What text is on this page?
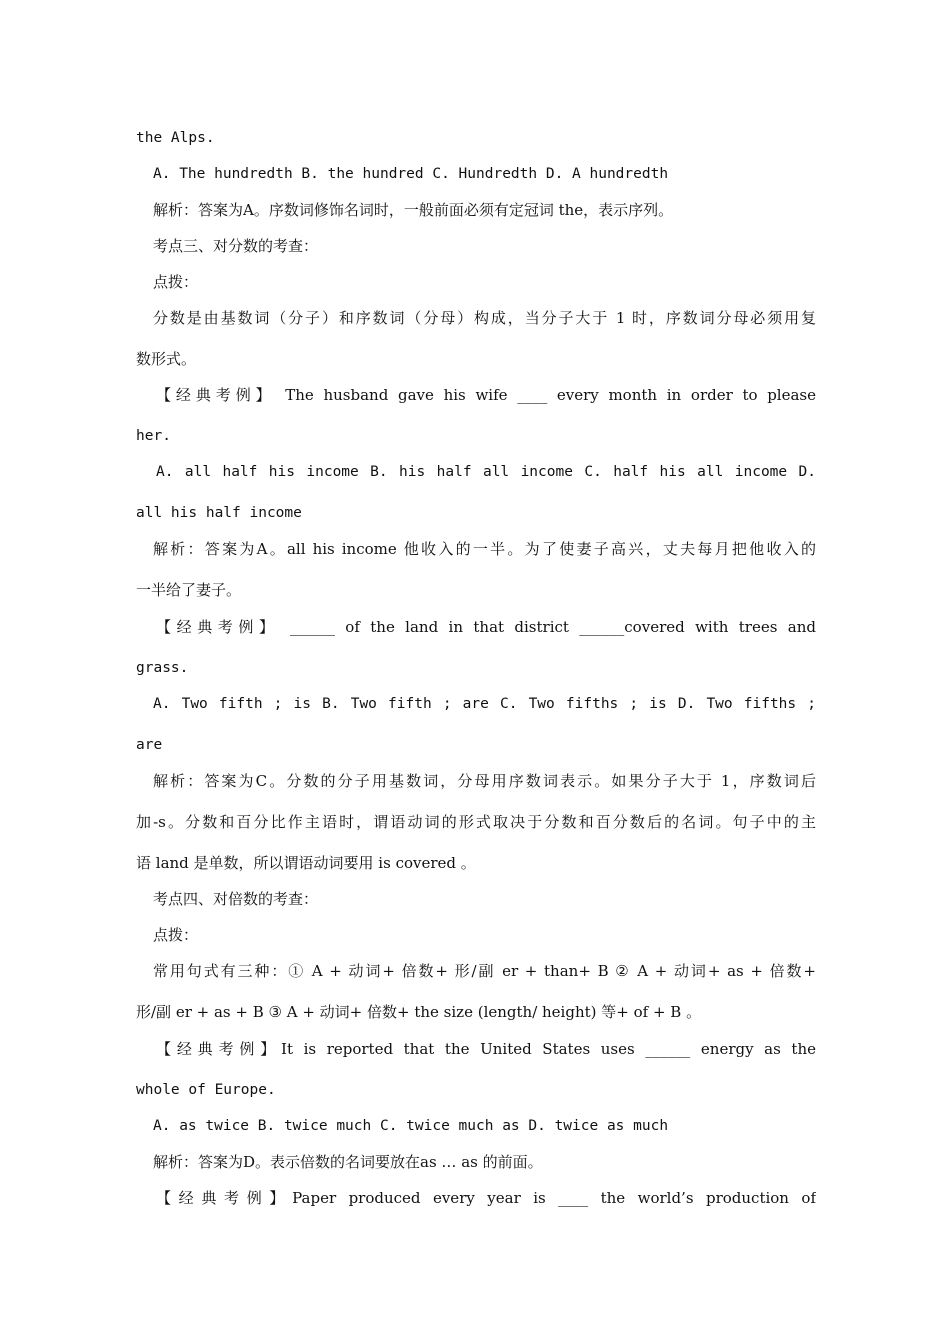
the Alps.
A. The hundredth B. the hundred C. Hundredth D. A hundredth
解析：答案为A。序数词修饰名词时，一般前面必须有定冠词 the，表示序列。
考点三、对分数的考查：
点拨：
分数是由基数词（分子）和序数词（分母）构成，当分子大于 1 时，序数词分母必须用复
数形式。
【经典考例】 The husband gave his wife ____ every month in order to please
her.
A. all half his income B. his half all income C. half his all income D.
all his half income
解析：答案为A。all his income 他收入的一半。为了使妻子高兴，丈夫每月把他收入的
一半给了妻子。
【经典考例】 ______ of the land in that district ______covered with trees and
grass.
A. Two fifth ; is B. Two fifth ; are C. Two fifths ; is D. Two fifths ;
are
解析：答案为C。分数的分子用基数词，分母用序数词表示。如果分子大于 1，序数词后
加-s。分数和百分比作主语时，谓语动词的形式取决于分数和百分数后的名词。句子中的主
语 land 是单数，所以谓语动词要用 is covered 。
考点四、对倍数的考查：
点拨：
常用句式有三种：① A + 动词+ 倍数+ 形/副 er + than+ B ② A + 动词+ as + 倍数+
形/副 er + as + B ③ A + 动词+ 倍数+ the size (length/ height) 等+ of + B 。
【经典考例】It is reported that the United States uses ______ energy as the
whole of Europe.
A. as twice B. twice much C. twice much as D. twice as much
解析：答案为D。表示倍数的名词要放在as … as 的前面。
【经典考例】Paper produced every year is ____ the world’s production of
